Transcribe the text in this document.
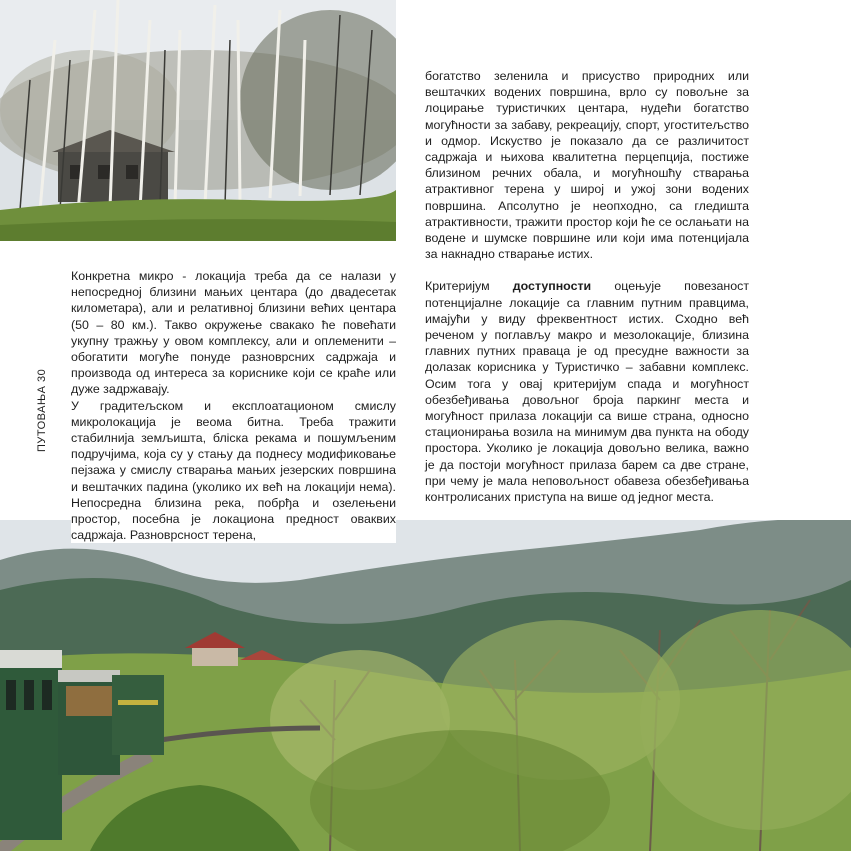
ПУТОВАЊА 30

Конкретна микро - локација треба да се налази у непосредној близини мањих центара (до двадесетак километара), али и релативној близини већих центара (50 – 80 км.). Такво окружење свакако ће повећати укупну тражњу у овом комплексу, али и оплеменити – обогатити могуће понуде разноврсних садржаја и производа од интереса за кориснике који се краће или дуже задржавају.

У градитељском и експлоатационом смислу микролокација је веома битна. Треба тражити стабилнија земљишта, бліска рекама и пошумљеним подручјима, која су у стању да поднесу модификовање пејзажа у смислу стварања мањих језерских површина и вештачких падина (уколико их већ на локацији нема). Непосредна близина река, побрђа и озелењени простор, посебна је локациона предност оваквих садржаја. Разноврсност терена,

богатство зеленила и присуство природних или вештачких водених површина, врло су повољне за лоцирање туристичких центара, нудећи богатство могућности за забаву, рекреацију, спорт, угоститељство и одмор. Искуство је показало да се различитост садржаја и њихова квалитетна перцепција, постиже близином речних обала, и могућношћу стварања атрактивног терена у широј и ужој зони водених површина. Апсолутно је неопходно, са гледишта атрактивности, тражити простор који ће се ослањати на водене и шумске површине или који има потенцијала за накнадно стварање истих.

Критеријум доступности оцењује повезаност потенцијалне локације са главним путним правцима, имајући у виду фреквентност истих. Сходно већ реченом у поглављу макро и мезолокације, близина главних путних праваца је од пресудне важности за долазак корисника у Туристичко – забавни комплекс. Осим тога у овај критеријум спада и могућност обезбеђивања довољног броја паркинг места и могућност прилаза локацији са више страна, односно стационирања возила на минимум два пункта на ободу простора. Уколико је локација довољно велика, важно је да постоји могућност прилаза барем са две стране, при чему је мала неповољност обавеза обезбеђивања контролисаних приступа на више од једног места.
